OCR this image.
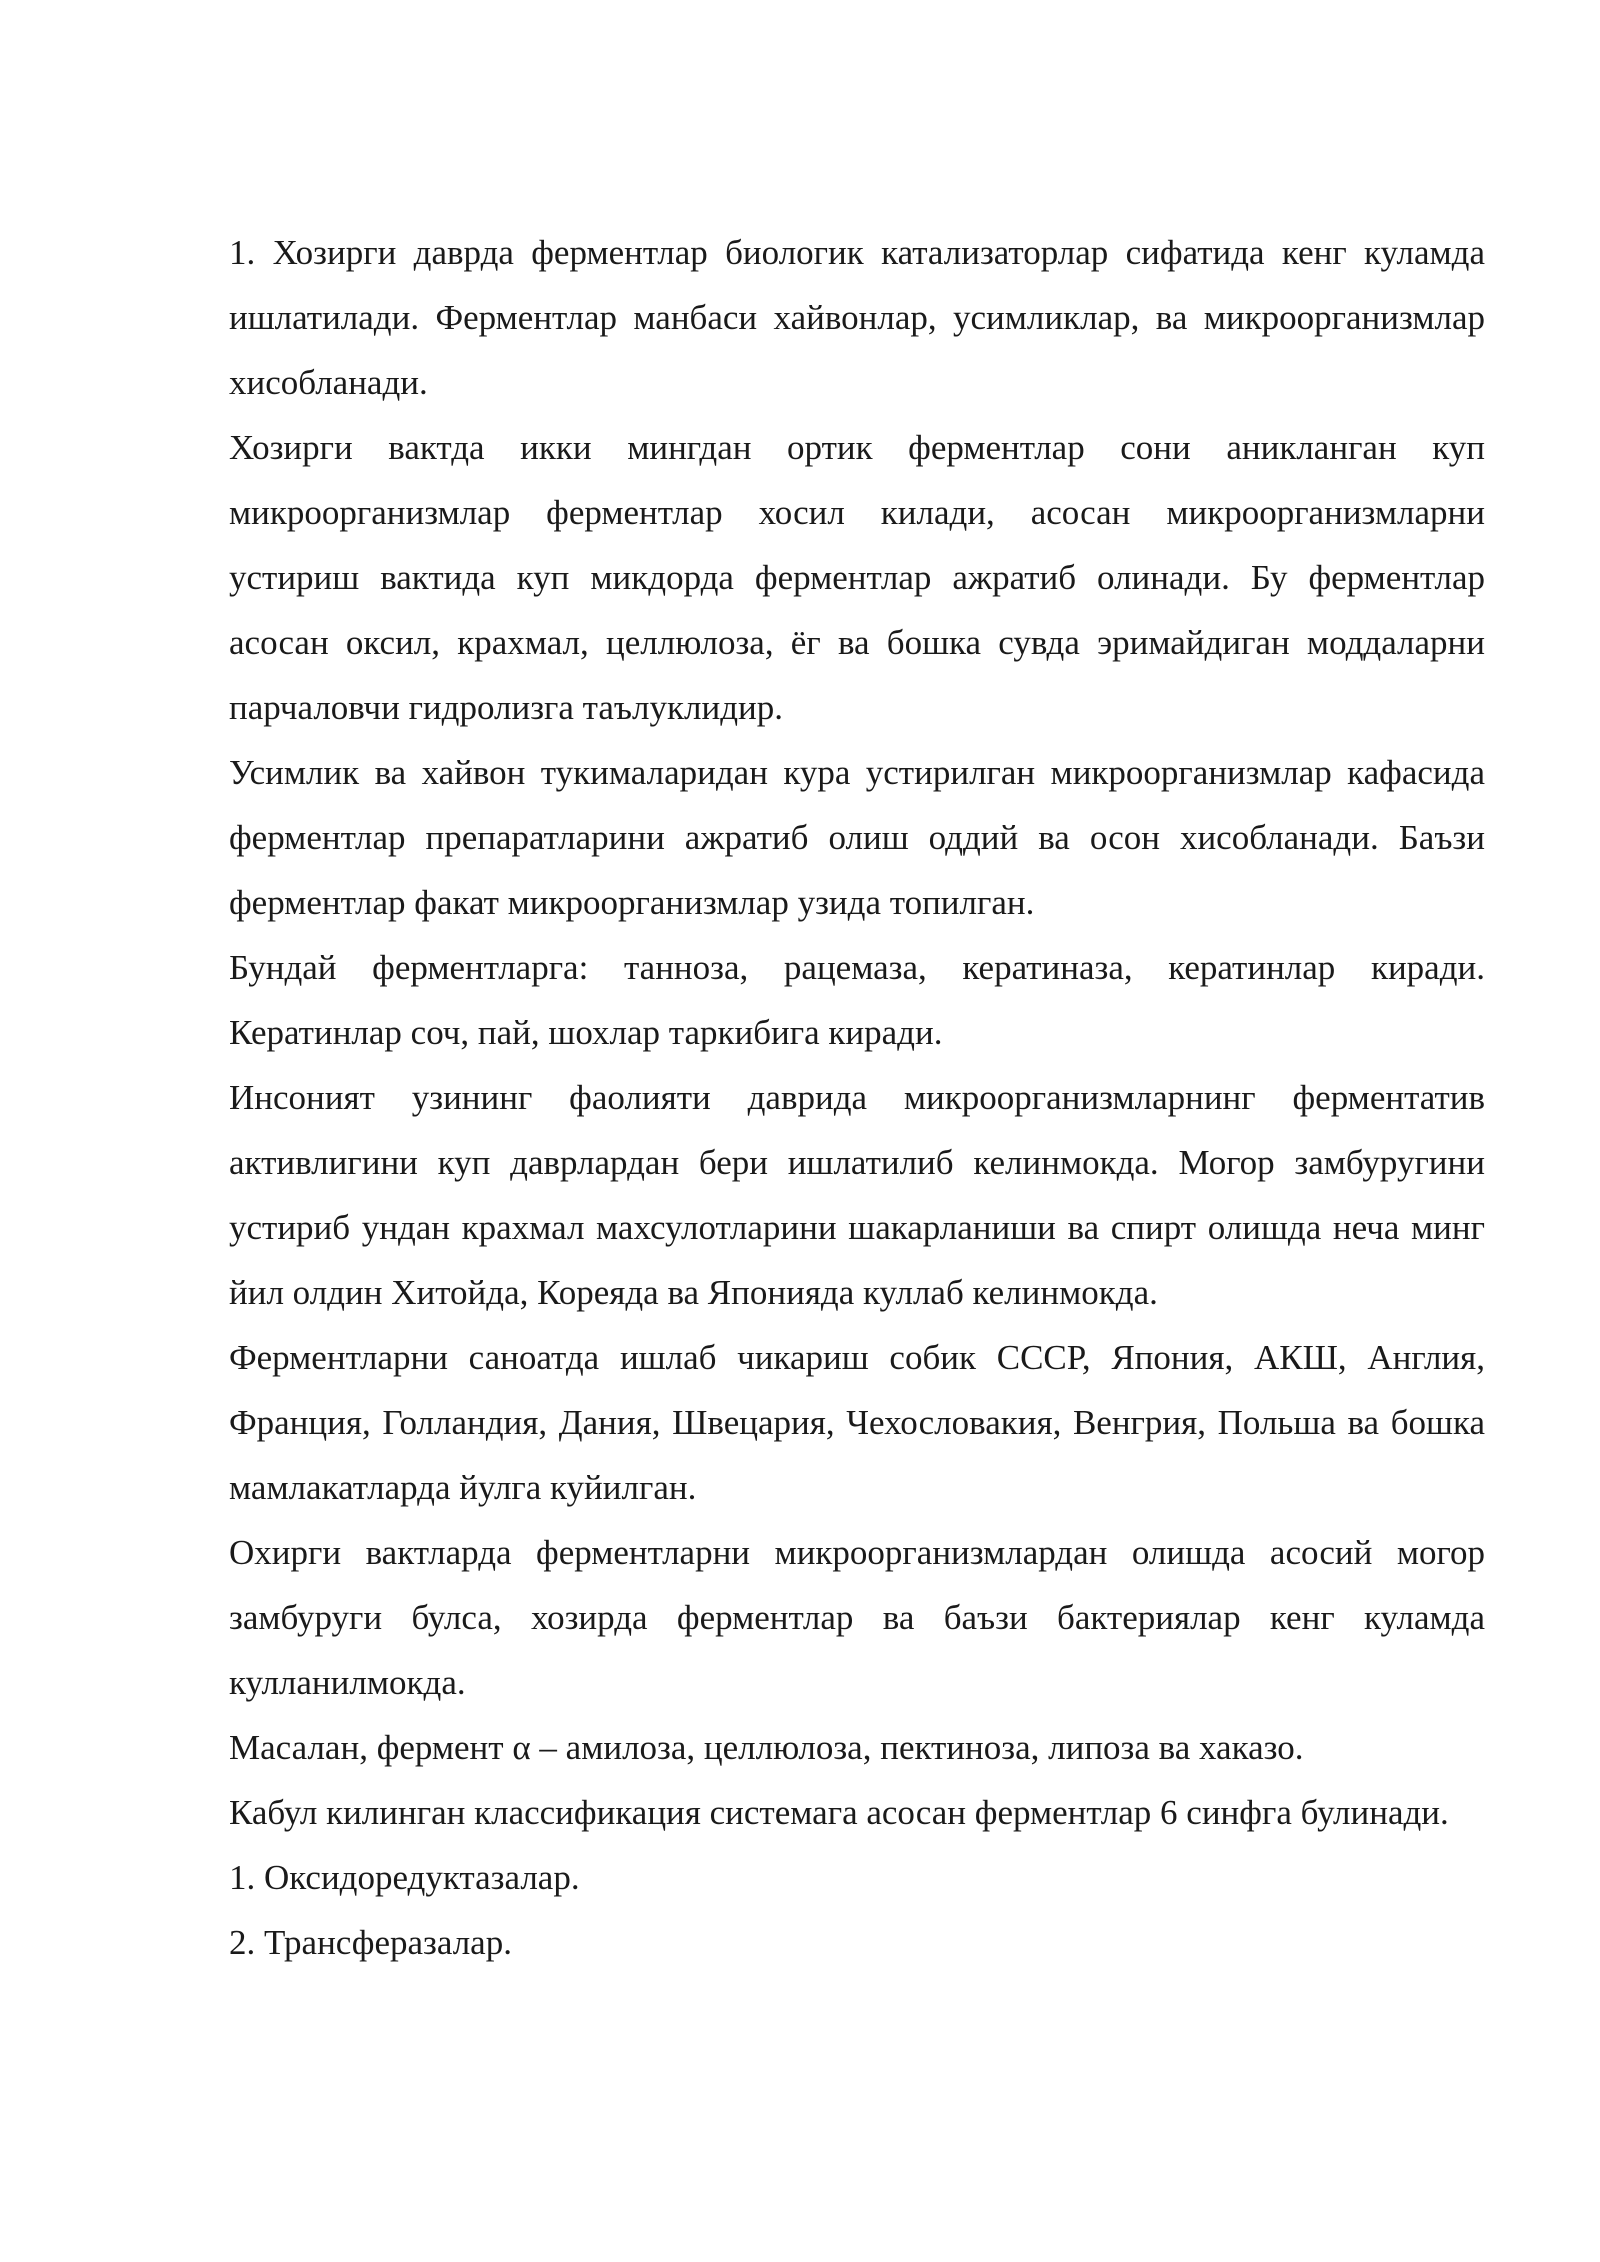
1. Хозирги даврда ферментлар биологик катализаторлар сифатида кенг куламда ишлатилади. Ферментлар манбаси хайвонлар, усимликлар, ва микроорганизмлар хисобланади.

Хозирги вактда икки мингдан ортик ферментлар сони аникланган куп микроорганизмлар ферментлар хосил килади, асосан микроорганизмларни устириш вактида куп микдорда ферментлар ажратиб олинади. Бу ферментлар асосан оксил, крахмал, целлюлоза, ёг ва бошка сувда эримайдиган моддаларни парчаловчи гидролизга таълуклидир.

Усимлик ва хайвон тукималаридан кура устирилган микроорганизмлар кафасида ферментлар препаратларини ажратиб олиш оддий ва осон хисобланади. Баъзи ферментлар факат микроорганизмлар узида топилган.

Бундай ферментларга: танноза, рацемаза, кератиназа, кератинлар киради. Кератинлар соч, пай, шохлар таркибига киради.

Инсоният узининг фаолияти даврида микроорганизмларнинг ферментатив активлигини куп даврлардан бери ишлатилиб келинмокда. Могор замбуругини устириб ундан крахмал махсулотларини шакарланиши ва спирт олишда неча минг йил олдин Хитойда, Кореяда ва Японияда куллаб келинмокда.

Ферментларни саноатда ишлаб чикариш собик СССР, Япония, АКШ, Англия, Франция, Голландия, Дания, Швецария, Чехословакия, Венгрия, Польша ва бошка мамлакатларда йулга куйилган.

Охирги вактларда ферментларни микроорганизмлардан олишда асосий могор замбуруги булса, хозирда ферментлар ва баъзи бактериялар кенг куламда кулланилмокда.

Масалан, фермент α – амилоза, целлюлоза, пектиноза, липоза ва хаказо.

Кабул килинган классификация системага асосан ферментлар 6 синфга булинади.

1. Оксидоредуктазалар.

2. Трансферазалар.
